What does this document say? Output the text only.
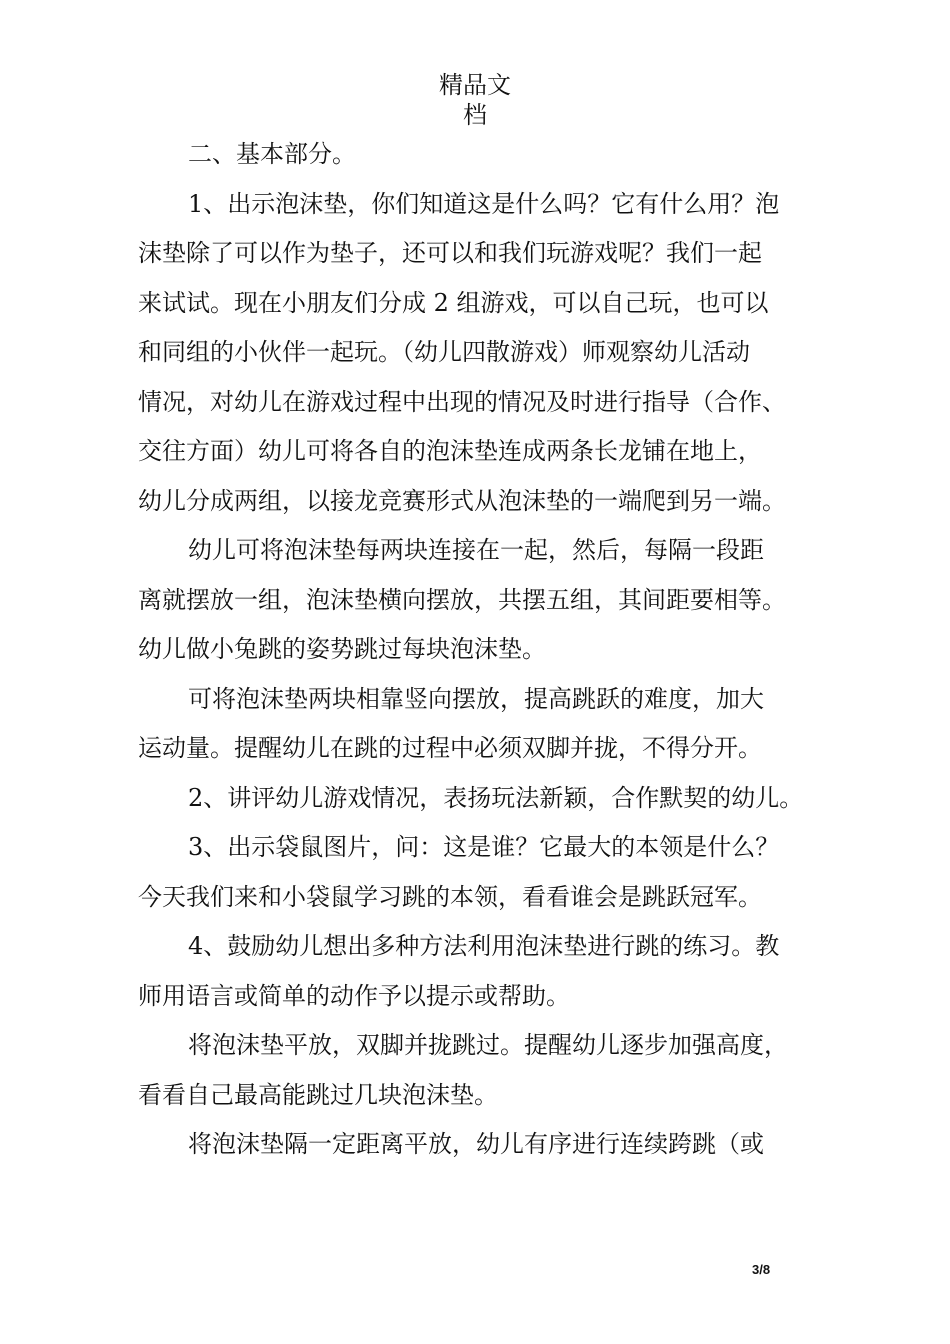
精品文
档
二、基本部分。
1、出示泡沫垫，你们知道这是什么吗？它有什么用？泡
沫垫除了可以作为垫子，还可以和我们玩游戏呢？我们一起
来试试。现在小朋友们分成 2 组游戏，可以自己玩，也可以
和同组的小伙伴一起玩。（幼儿四散游戏）师观察幼儿活动
情况，对幼儿在游戏过程中出现的情况及时进行指导（合作、
交往方面）幼儿可将各自的泡沫垫连成两条长龙铺在地上，
幼儿分成两组，以接龙竞赛形式从泡沫垫的一端爬到另一端。
幼儿可将泡沫垫每两块连接在一起，然后，每隔一段距
离就摆放一组，泡沫垫横向摆放，共摆五组，其间距要相等。
幼儿做小兔跳的姿势跳过每块泡沫垫。
可将泡沫垫两块相靠竖向摆放，提高跳跃的难度，加大
运动量。提醒幼儿在跳的过程中必须双脚并拢，不得分开。
2、讲评幼儿游戏情况，表扬玩法新颖，合作默契的幼儿。
3、出示袋鼠图片，问：这是谁？它最大的本领是什么？
今天我们来和小袋鼠学习跳的本领，看看谁会是跳跃冠军。
4、鼓励幼儿想出多种方法利用泡沫垫进行跳的练习。教
师用语言或简单的动作予以提示或帮助。
将泡沫垫平放，双脚并拢跳过。提醒幼儿逐步加强高度，
看看自己最高能跳过几块泡沫垫。
将泡沫垫隔一定距离平放，幼儿有序进行连续跨跳（或
3/8
